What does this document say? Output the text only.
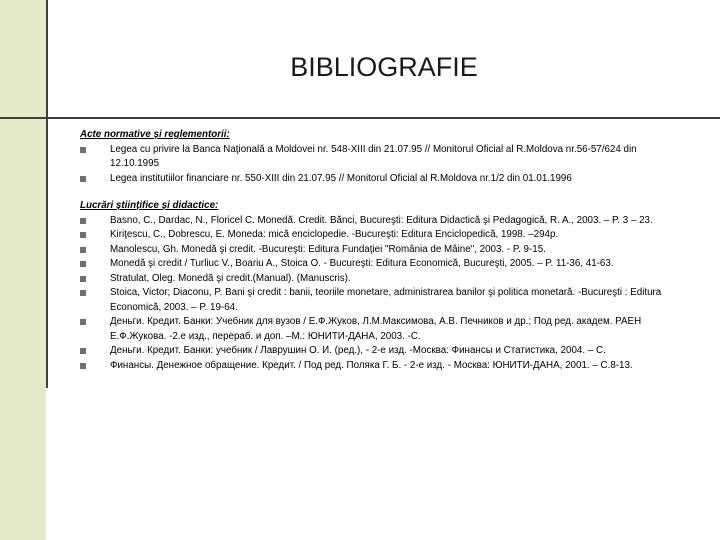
BIBLIOGRAFIE

Acte normative și reglementorii:

Legea cu privire la Banca Naţională a Moldovei nr. 548-XIII din 21.07.95 // Monitorul Oficial al R.Moldova nr.56-57/624 din 12.10.1995
Legea institutiilor financiare nr. 550-XIII din 21.07.95 // Monitorul Oficial al R.Moldova nr.1/2 din 01.01.1996

Lucrări științifice și didactice:

Basno, C., Dardac, N., Floricel C. Monedă. Credit. Bănci, Bucureşti: Editura Didactică şi Pedagogică, R. A., 2003. – P. 3 – 23.
Kiriţescu, C., Dobrescu, E. Moneda: mică enciclopedie. -Bucureşti: Editura Enciclopedică, 1998. –294p.
Manolescu, Gh. Monedă şi credit. -Bucureşti: Editura Fundaţiei "România de Mâine", 2003. - P. 9-15.
Monedă şi credit / Turliuc V., Boariu A., Stoica O. - Bucureşti: Editura Economică, Bucureşti, 2005. – P. 11-36, 41-63.
Stratulat, Oleg. Monedă şi credit.(Manual). (Manuscris).
Stoica, Victor; Diaconu, P. Bani şi credit : banii, teoriile monetare, administrarea banilor şi politica monetară. -Bucureşti : Editura Economică, 2003. – P. 19-64.
Деньги. Кредит. Банки: Учебник для вузов / Е.Ф.Жуков, Л.М.Максимова, А.В. Печников и др.; Под ред. академ. РАЕН Е.Ф.Жукова. -2.е изд., перераб. и доп. –М.: ЮНИТИ-ДАНА, 2003. -С.
Деньги. Кредит. Банки: учебник / Лаврушин О. И. (ред.), - 2-е изд. -Москва: Финансы и Статистика, 2004. – С.
Финансы. Денежное обращение. Кредит. / Под ред. Поляка Г. Б. - 2-е изд. - Москва: ЮНИТИ-ДАНА, 2001. – С.8-13.
